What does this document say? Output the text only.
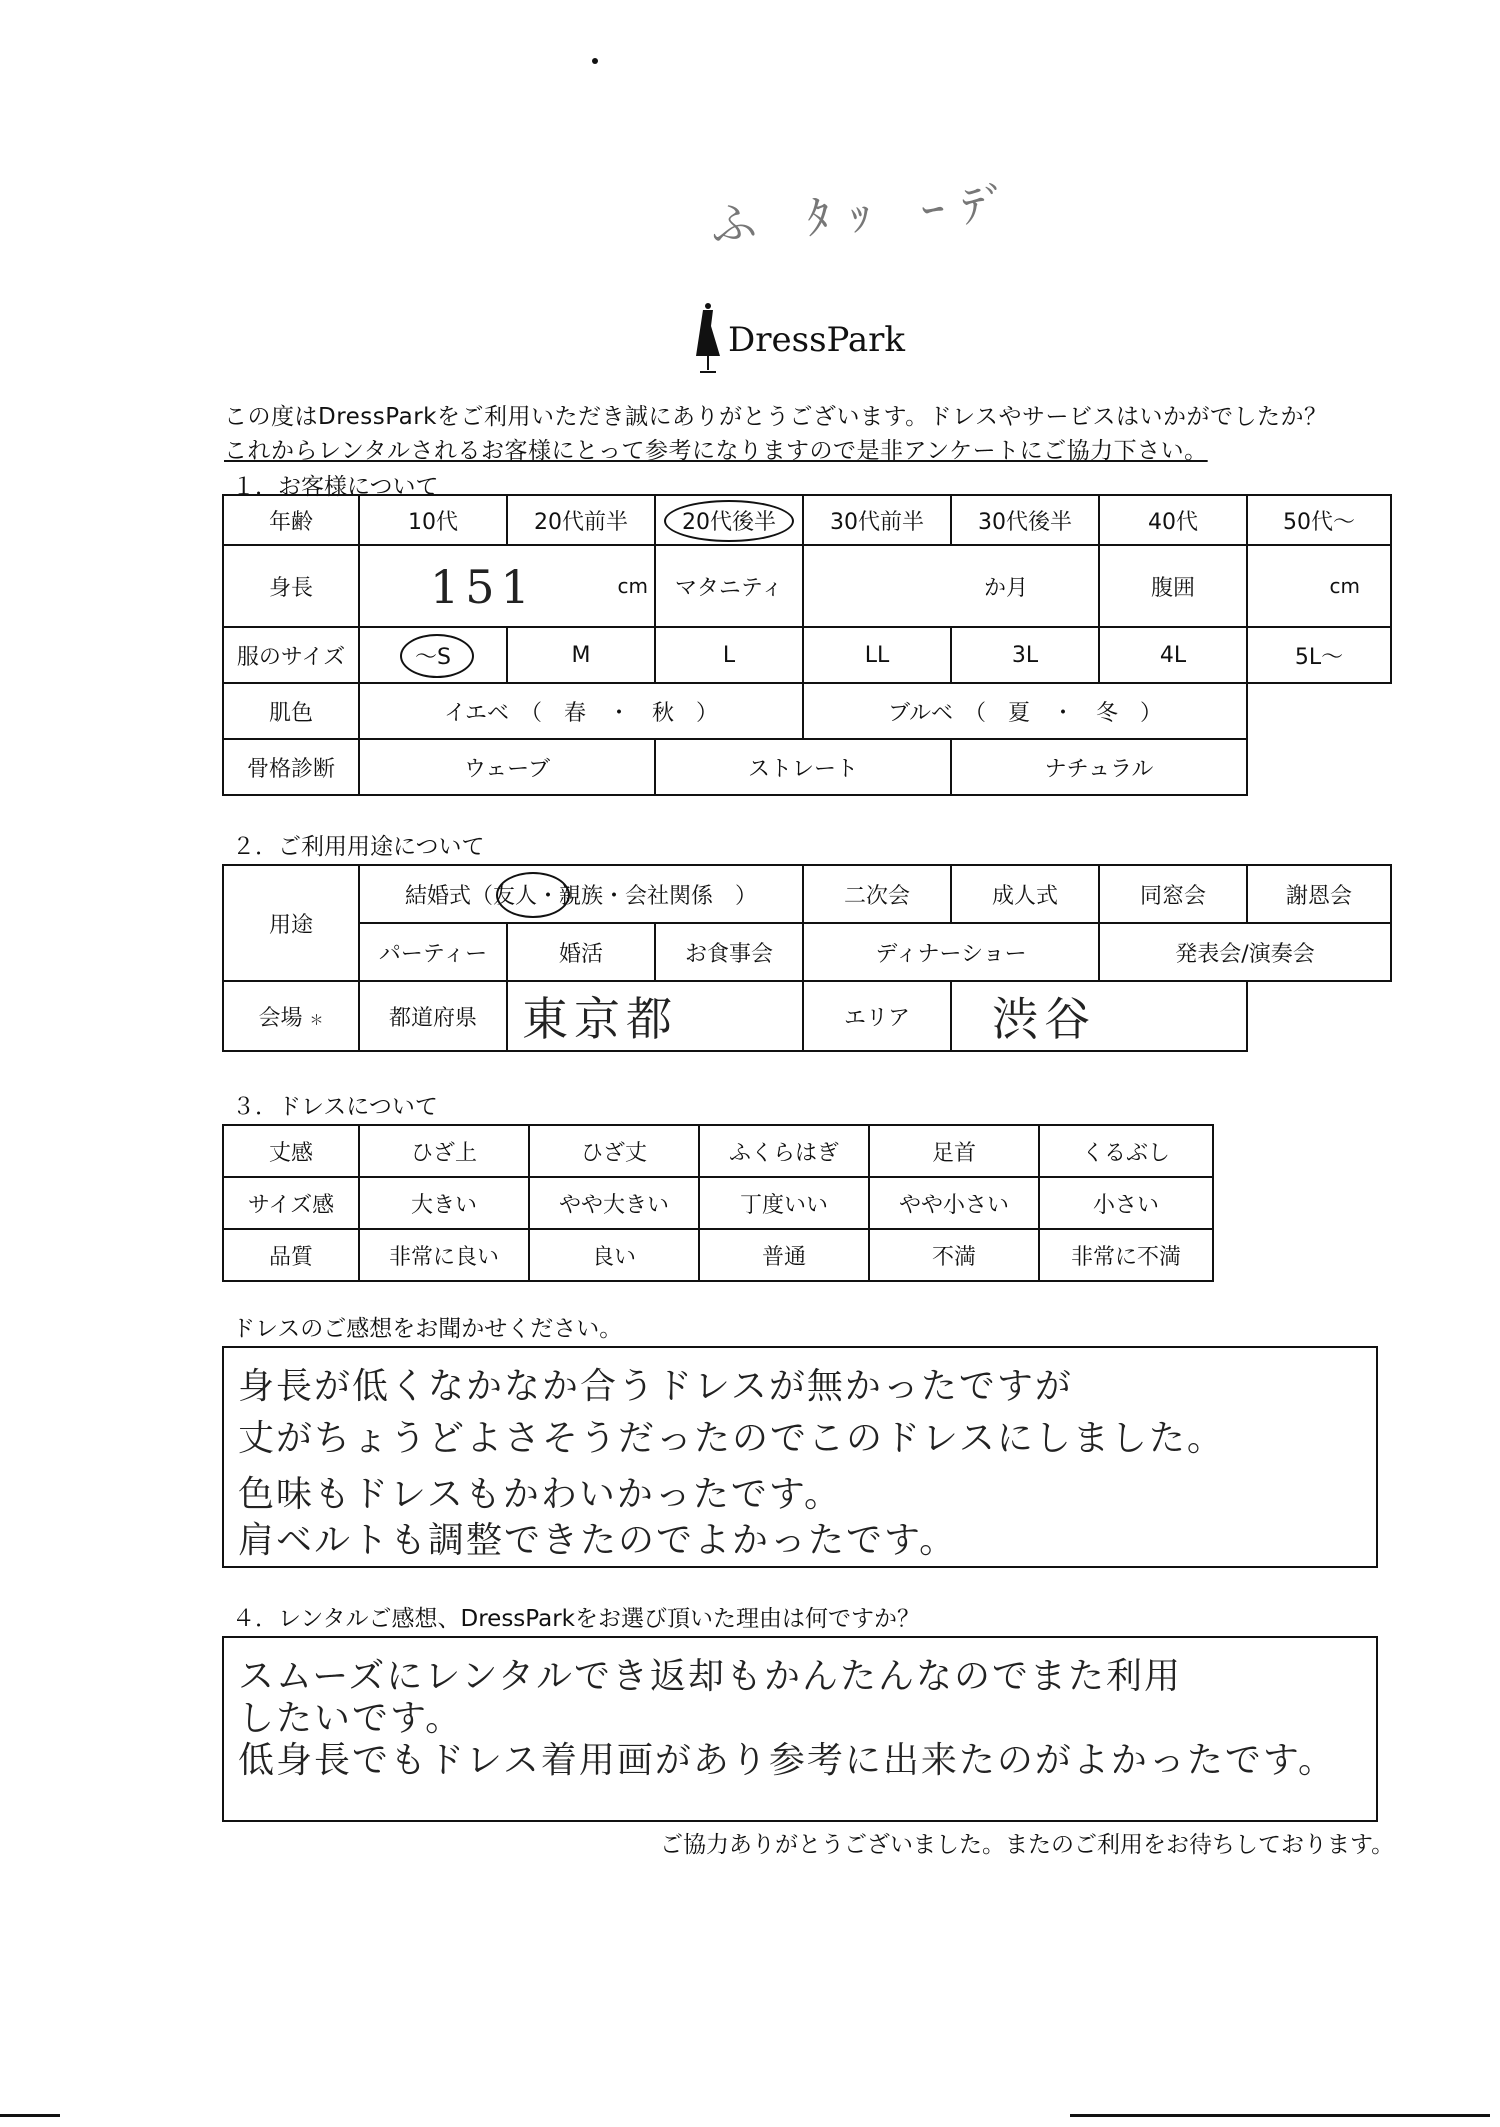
ふ ﾀｯ ｰﾃﾞ
DressPark
この度はDressParkをご利用いただき誠にありがとうございます。ドレスやサービスはいかがでしたか？
これからレンタルされるお客様にとって参考になりますので是非アンケートにご協力下さい。
１．お客様について
年齢	10代	20代前半	20代後半	30代前半	30代後半	40代	50代～
身長	151 cm		マタニティ	か月		腹囲	cm
服のサイズ	～S	M	L	LL	3L	4L	5L～
肌色	イエベ　（　春　・　秋　）			ブルベ　（　夏　・　冬　）			
骨格診断	ウェーブ		ストレート		ナチュラル		
２．ご利用用途について
用途	結婚式（友人・親族・会社関係　）			二次会	成人式	同窓会	謝恩会
	パーティー	婚活	お食事会	ディナーショー		発表会/演奏会	
会場 ＊	都道府県	東京都		エリア	渋谷		
３．ドレスについて
丈感	ひざ上	ひざ丈	ふくらはぎ	足首	くるぶし
サイズ感	大きい	やや大きい	丁度いい	やや小さい	小さい
品質	非常に良い	良い	普通	不満	非常に不満
ドレスのご感想をお聞かせください。
身長が低くなかなか合うドレスが無かったですが
丈がちょうどよさそうだったのでこのドレスにしました。
色味もドレスもかわいかったです。
肩ベルトも調整できたのでよかったです。
４．レンタルご感想、DressParkをお選び頂いた理由は何ですか？
スムーズにレンタルでき返却もかんたんなのでまた利用
したいです。
低身長でもドレス着用画があり参考に出来たのがよかったです。
ご協力ありがとうございました。またのご利用をお待ちしております。
